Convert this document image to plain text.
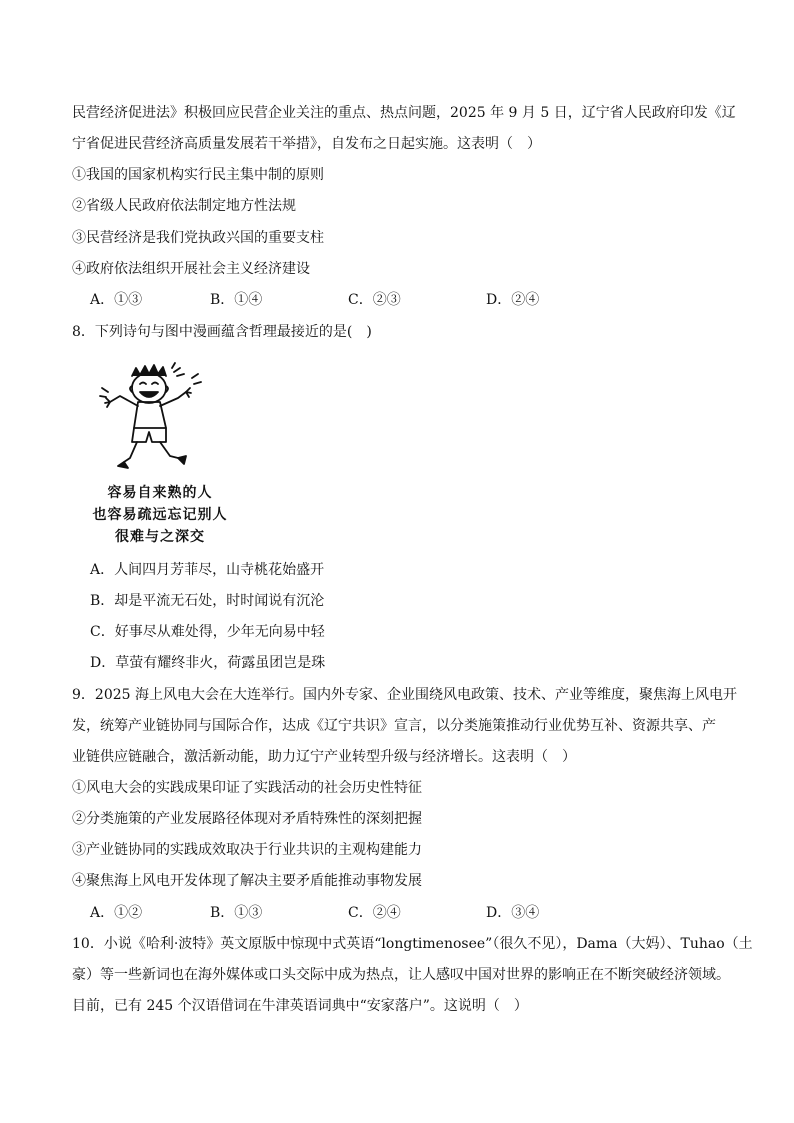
民营经济促进法》积极回应民营企业关注的重点、热点问题，2025 年 9 月 5 日，辽宁省人民政府印发《辽
宁省促进民营经济高质量发展若干举措》，自发布之日起实施。这表明（　）
①我国的国家机构实行民主集中制的原则
②省级人民政府依法制定地方性法规
③民营经济是我们党执政兴国的重要支柱
④政府依法组织开展社会主义经济建设
A．①③	B．①④	C．②③	D．②④
8．下列诗句与图中漫画蕴含哲理最接近的是(　)
容易自来熟的人
也容易疏远忘记别人
很难与之深交
A．人间四月芳菲尽，山寺桃花始盛开
B．却是平流无石处，时时闻说有沉沦
C．好事尽从难处得，少年无向易中轻
D．草萤有耀终非火，荷露虽团岂是珠
9．2025 海上风电大会在大连举行。国内外专家、企业围绕风电政策、技术、产业等维度，聚焦海上风电开
发，统筹产业链协同与国际合作，达成《辽宁共识》宣言，以分类施策推动行业优势互补、资源共享、产
业链供应链融合，激活新动能，助力辽宁产业转型升级与经济增长。这表明（　）
①风电大会的实践成果印证了实践活动的社会历史性特征
②分类施策的产业发展路径体现对矛盾特殊性的深刻把握
③产业链协同的实践成效取决于行业共识的主观构建能力
④聚焦海上风电开发体现了解决主要矛盾能推动事物发展
A．①②	B．①③	C．②④	D．③④
10．小说《哈利·波特》英文原版中惊现中式英语“longtimenosee”（很久不见），Dama（大妈）、Tuhao（土
豪）等一些新词也在海外媒体或口头交际中成为热点，让人感叹中国对世界的影响正在不断突破经济领域。
目前，已有 245 个汉语借词在牛津英语词典中“安家落户”。这说明（　）
